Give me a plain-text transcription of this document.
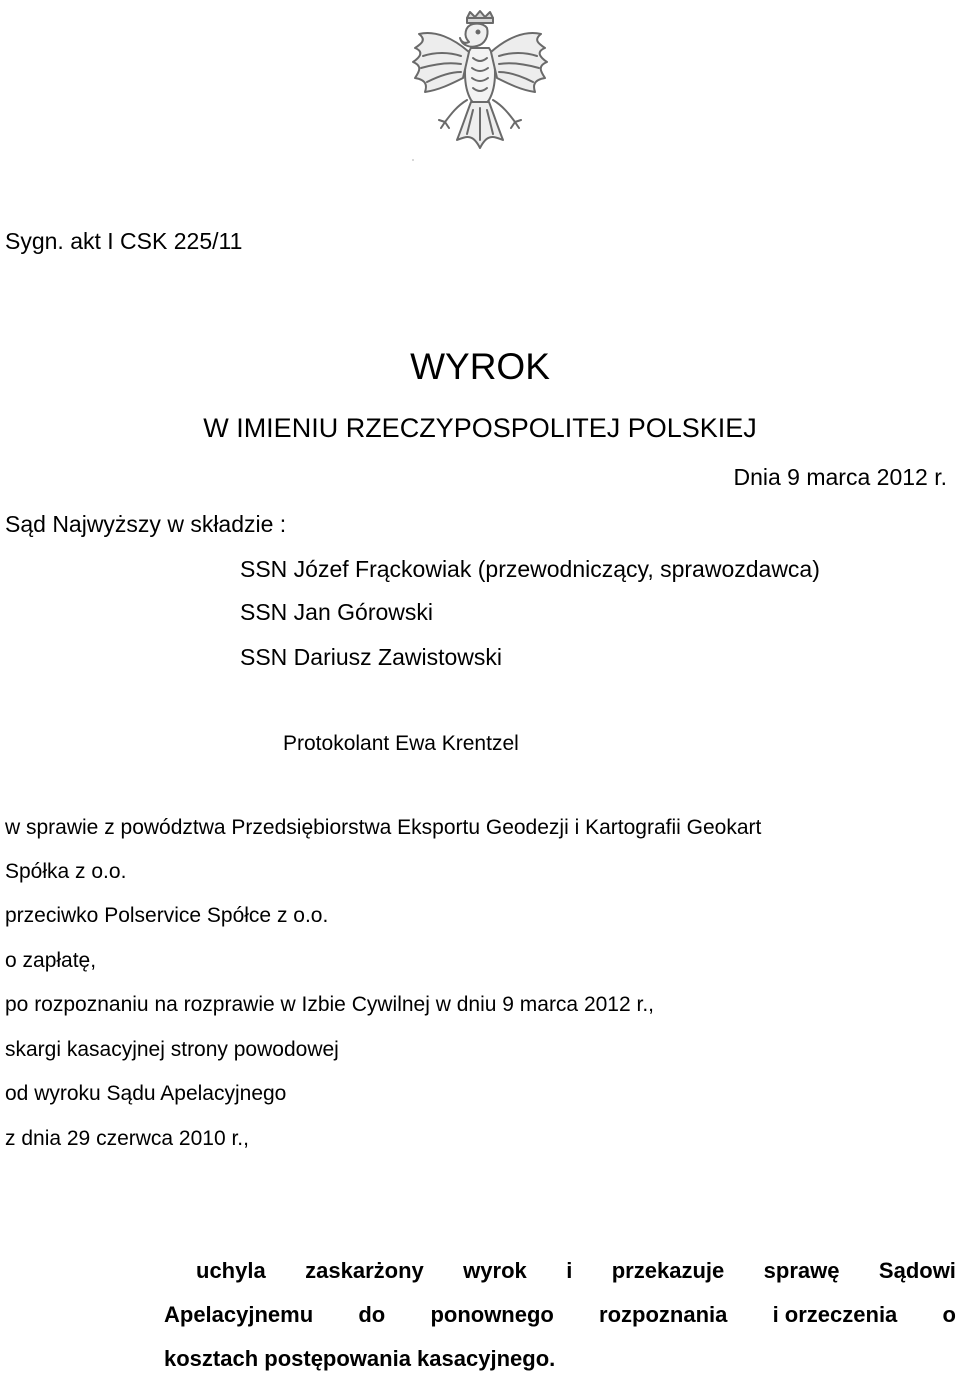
Sygn. akt I CSK 225/11
WYROK
W IMIENIU RZECZYPOSPOLITEJ POLSKIEJ
Dnia 9 marca 2012 r.
Sąd Najwyższy w składzie :
SSN Józef Frąckowiak (przewodniczący, sprawozdawca)
SSN Jan Górowski
SSN Dariusz Zawistowski
Protokolant Ewa Krentzel
w sprawie z powództwa Przedsiębiorstwa Eksportu Geodezji i Kartografii Geokart
Spółka z o.o.
przeciwko Polservice Spółce z o.o.
o zapłatę,
po rozpoznaniu na rozprawie w Izbie Cywilnej w dniu 9 marca 2012 r.,
skargi kasacyjnej strony powodowej
od wyroku Sądu Apelacyjnego
z dnia 29 czerwca 2010 r.,
uchyla zaskarżony wyrok i przekazuje sprawę Sądowi
Apelacyjnemu do ponownego rozpoznania i orzeczenia o
kosztach postępowania kasacyjnego.
